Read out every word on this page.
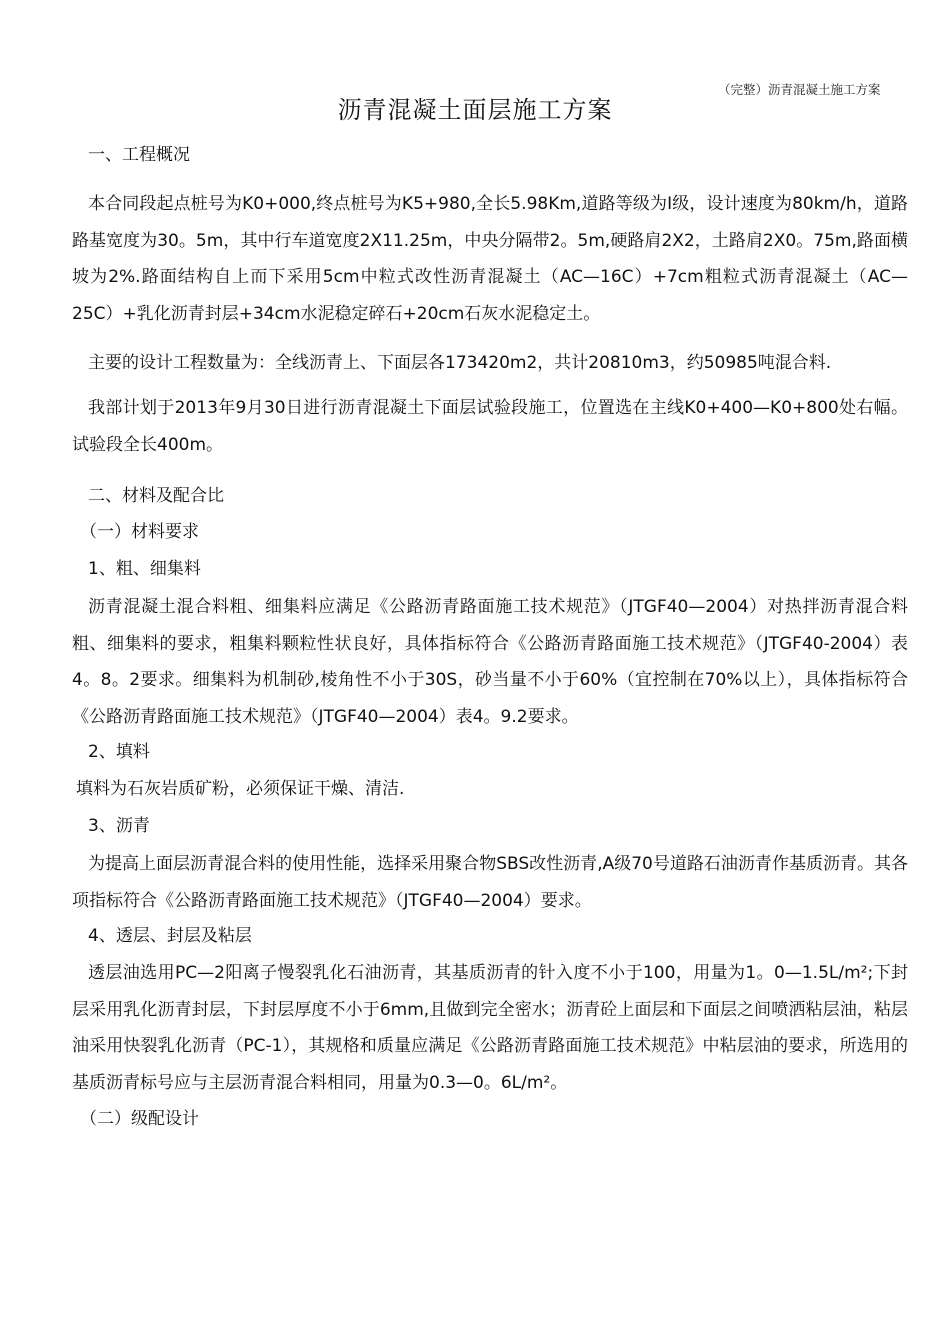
（完整）沥青混凝土施工方案
沥青混凝土面层施工方案
一、工程概况
本合同段起点桩号为K0+000,终点桩号为K5+980,全长5.98Km,道路等级为Ⅰ级，设计速度为80km/h，道路路基宽度为30。5m，其中行车道宽度2X11.25m，中央分隔带2。5m,硬路肩2X2，土路肩2X0。75m,路面横坡为2%.路面结构自上而下采用5cm中粒式改性沥青混凝土（AC—16C）+7cm粗粒式沥青混凝土（AC—25C）+乳化沥青封层+34cm水泥稳定碎石+20cm石灰水泥稳定土。
主要的设计工程数量为：全线沥青上、下面层各173420m2，共计20810m3，约50985吨混合料.
我部计划于2013年9月30日进行沥青混凝土下面层试验段施工，位置选在主线K0+400—K0+800处右幅。试验段全长400m。
二、材料及配合比
（一）材料要求
1、粗、细集料
沥青混凝土混合料粗、细集料应满足《公路沥青路面施工技术规范》（JTGF40—2004）对热拌沥青混合料粗、细集料的要求，粗集料颗粒性状良好，具体指标符合《公路沥青路面施工技术规范》（JTGF40-2004）表4。8。2要求。细集料为机制砂,棱角性不小于30S，砂当量不小于60%（宜控制在70%以上），具体指标符合《公路沥青路面施工技术规范》（JTGF40—2004）表4。9.2要求。
2、填料
填料为石灰岩质矿粉，必须保证干燥、清洁.
3、沥青
为提高上面层沥青混合料的使用性能，选择采用聚合物SBS改性沥青,A级70号道路石油沥青作基质沥青。其各项指标符合《公路沥青路面施工技术规范》（JTGF40—2004）要求。
4、透层、封层及粘层
透层油选用PC—2阳离子慢裂乳化石油沥青，其基质沥青的针入度不小于100，用量为1。0—1.5L/m²;下封层采用乳化沥青封层，下封层厚度不小于6mm,且做到完全密水；沥青砼上面层和下面层之间喷洒粘层油，粘层油采用快裂乳化沥青（PC-1），其规格和质量应满足《公路沥青路面施工技术规范》中粘层油的要求，所选用的基质沥青标号应与主层沥青混合料相同，用量为0.3—0。6L/m²。
（二）级配设计
